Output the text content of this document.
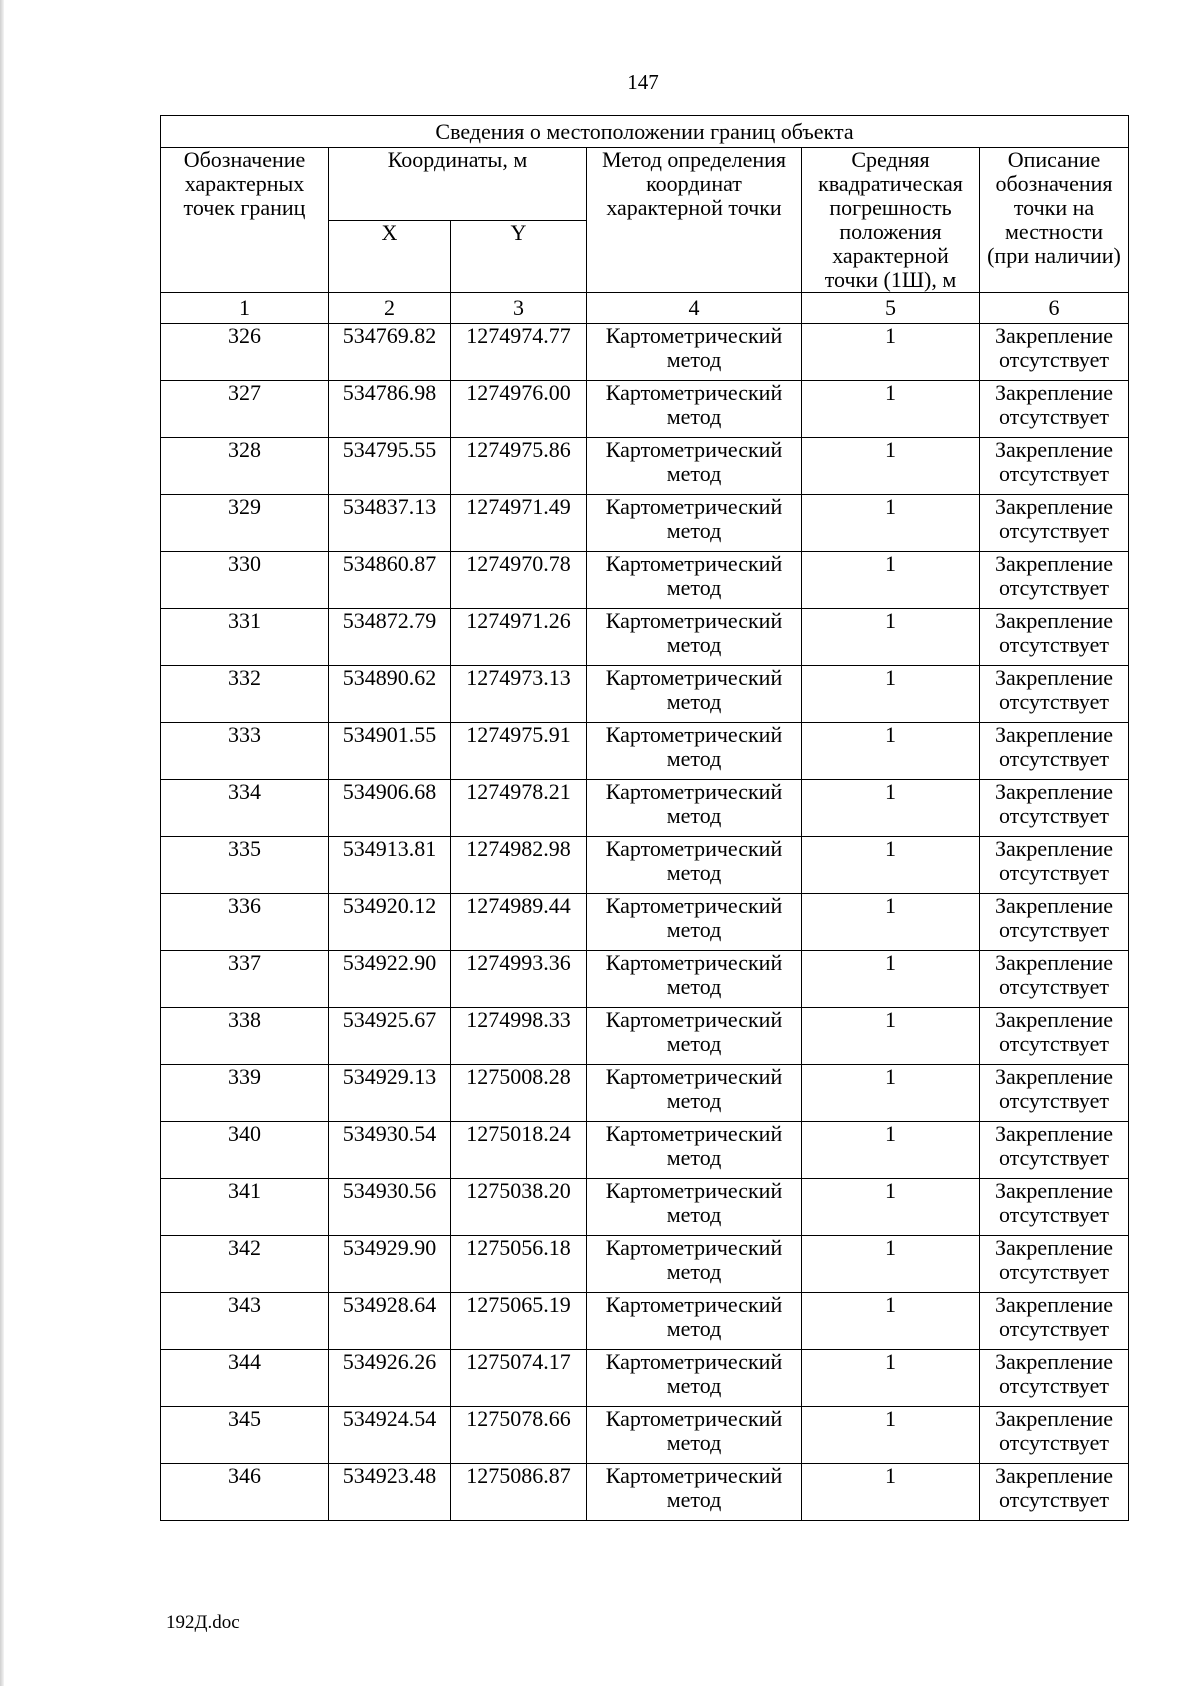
147
Сведения о местоположении границ объекта					
Обозначение характерных точек границ	Координаты, м		Метод определения координат характерной точки	Средняя квадратическая погрешность положения характерной точки (1Ш), м	Описание обозначения точки на местности (при наличии)
	X	Y			
1	2	3	4	5	6
326	534769.82	1274974.77	Картометрический метод	1	Закрепление отсутствует
327	534786.98	1274976.00	Картометрический метод	1	Закрепление отсутствует
328	534795.55	1274975.86	Картометрический метод	1	Закрепление отсутствует
329	534837.13	1274971.49	Картометрический метод	1	Закрепление отсутствует
330	534860.87	1274970.78	Картометрический метод	1	Закрепление отсутствует
331	534872.79	1274971.26	Картометрический метод	1	Закрепление отсутствует
332	534890.62	1274973.13	Картометрический метод	1	Закрепление отсутствует
333	534901.55	1274975.91	Картометрический метод	1	Закрепление отсутствует
334	534906.68	1274978.21	Картометрический метод	1	Закрепление отсутствует
335	534913.81	1274982.98	Картометрический метод	1	Закрепление отсутствует
336	534920.12	1274989.44	Картометрический метод	1	Закрепление отсутствует
337	534922.90	1274993.36	Картометрический метод	1	Закрепление отсутствует
338	534925.67	1274998.33	Картометрический метод	1	Закрепление отсутствует
339	534929.13	1275008.28	Картометрический метод	1	Закрепление отсутствует
340	534930.54	1275018.24	Картометрический метод	1	Закрепление отсутствует
341	534930.56	1275038.20	Картометрический метод	1	Закрепление отсутствует
342	534929.90	1275056.18	Картометрический метод	1	Закрепление отсутствует
343	534928.64	1275065.19	Картометрический метод	1	Закрепление отсутствует
344	534926.26	1275074.17	Картометрический метод	1	Закрепление отсутствует
345	534924.54	1275078.66	Картометрический метод	1	Закрепление отсутствует
346	534923.48	1275086.87	Картометрический метод	1	Закрепление отсутствует
192Д.doc
